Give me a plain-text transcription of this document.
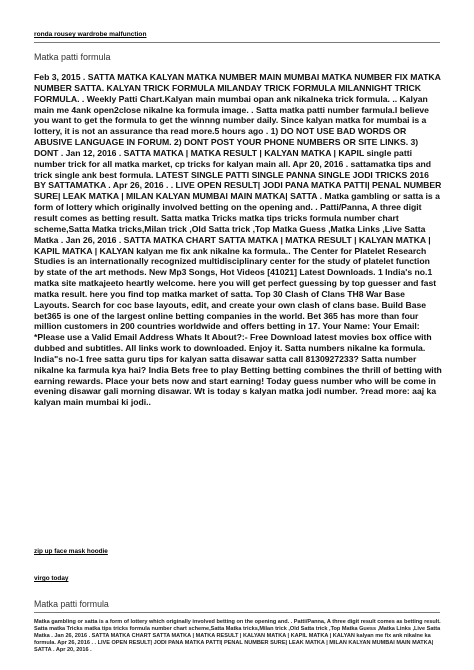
ronda rousey wardrobe malfunction
Matka patti formula
Feb 3, 2015 . SATTA MATKA KALYAN MATKA NUMBER MAIN MUMBAI MATKA NUMBER FIX MATKA NUMBER SATTA. KALYAN TRICK FORMULA MILANDAY TRICK FORMULA MILANNIGHT TRICK FORMULA. . Weekly Patti Chart.Kalyan main mumbai opan ank nikalneka trick formula. .. Kalyan main me 4ank open2close nikalne ka formula image. . Satta matka patti number farmula.I believe you want to get the formula to get the winnng number daily. Since kalyan matka for mumbai is a lottery, it is not an assurance tha read more.5 hours ago . 1) DO NOT USE BAD WORDS OR ABUSIVE LANGUAGE IN FORUM. 2) DONT POST YOUR PHONE NUMBERS OR SITE LINKS. 3) DONT . Jan 12, 2016 . SATTA MATKA | MATKA RESULT | KALYAN MATKA | KAPIL single patti number trick for all matka market, cp tricks for kalyan main all. Apr 20, 2016 . sattamatka tips and trick single ank best formula. LATEST SINGLE PATTI SINGLE PANNA SINGLE JODI TRICKS 2016 BY SATTAMATKA . Apr 26, 2016 . . LIVE OPEN RESULT| JODI PANA MATKA PATTI| PENAL NUMBER SURE| LEAK MATKA | MILAN KALYAN MUMBAI MAIN MATKA| SATTA . Matka gambling or satta is a form of lottery which originally involved betting on the opening and. . Patti/Panna, A three digit result comes as betting result. Satta matka Tricks matka tips tricks formula number chart scheme,Satta Matka tricks,Milan trick ,Old Satta trick ,Top Matka Guess ,Matka Links ,Live Satta Matka . Jan 26, 2016 . SATTA MATKA CHART SATTA MATKA | MATKA RESULT | KALYAN MATKA | KAPIL MATKA | KALYAN kalyan me fix ank nikalne ka formula.. The Center for Platelet Research Studies is an internationally recognized multidisciplinary center for the study of platelet function by state of the art methods. New Mp3 Songs, Hot Videos [41021] Latest Downloads. 1 India's no.1 matka site matkajeeto heartly welcome. here you will get perfect guessing by top guesser and fast matka result. here you find top matka market of satta. Top 30 Clash of Clans TH8 War Base Layouts. Search for coc base layouts, edit, and create your own clash of clans base. Build Base bet365 is one of the largest online betting companies in the world. Bet 365 has more than four million customers in 200 countries worldwide and offers betting in 17. Your Name: Your Email: *Please use a Valid Email Address Whats It About?:- Free Download latest movies box office with dubbed and subtitles. All links work to downloaded. Enjoy it. Satta numbers nikalne ka formula. India"s no-1 free satta guru tips for kalyan satta disawar satta call 8130927233? Satta number nikalne ka farmula kya hai? India Bets free to play Betting betting combines the thrill of betting with earning rewards. Place your bets now and start earning! Today guess number who will be come in evening disawar gali morning disawar. Wt is today s kalyan matka jodi number. ?read more: aaj ka kalyan main mumbai ki jodi..
zip up face mask hoodie
virgo today
Matka patti formula
Matka gambling or satta is a form of lottery which originally involved betting on the opening and. . Patti/Panna, A three digit result comes as betting result. Satta matka Tricks matka tips tricks formula number chart scheme,Satta Matka tricks,Milan trick ,Old Satta trick ,Top Matka Guess ,Matka Links ,Live Satta Matka . Jan 26, 2016 . SATTA MATKA CHART SATTA MATKA | MATKA RESULT | KALYAN MATKA | KAPIL MATKA | KALYAN kalyan me fix ank nikalne ka formula. Apr 26, 2016 . . LIVE OPEN RESULT| JODI PANA MATKA PATTI| PENAL NUMBER SURE| LEAK MATKA | MILAN KALYAN MUMBAI MAIN MATKA| SATTA . Apr 20, 2016 .
